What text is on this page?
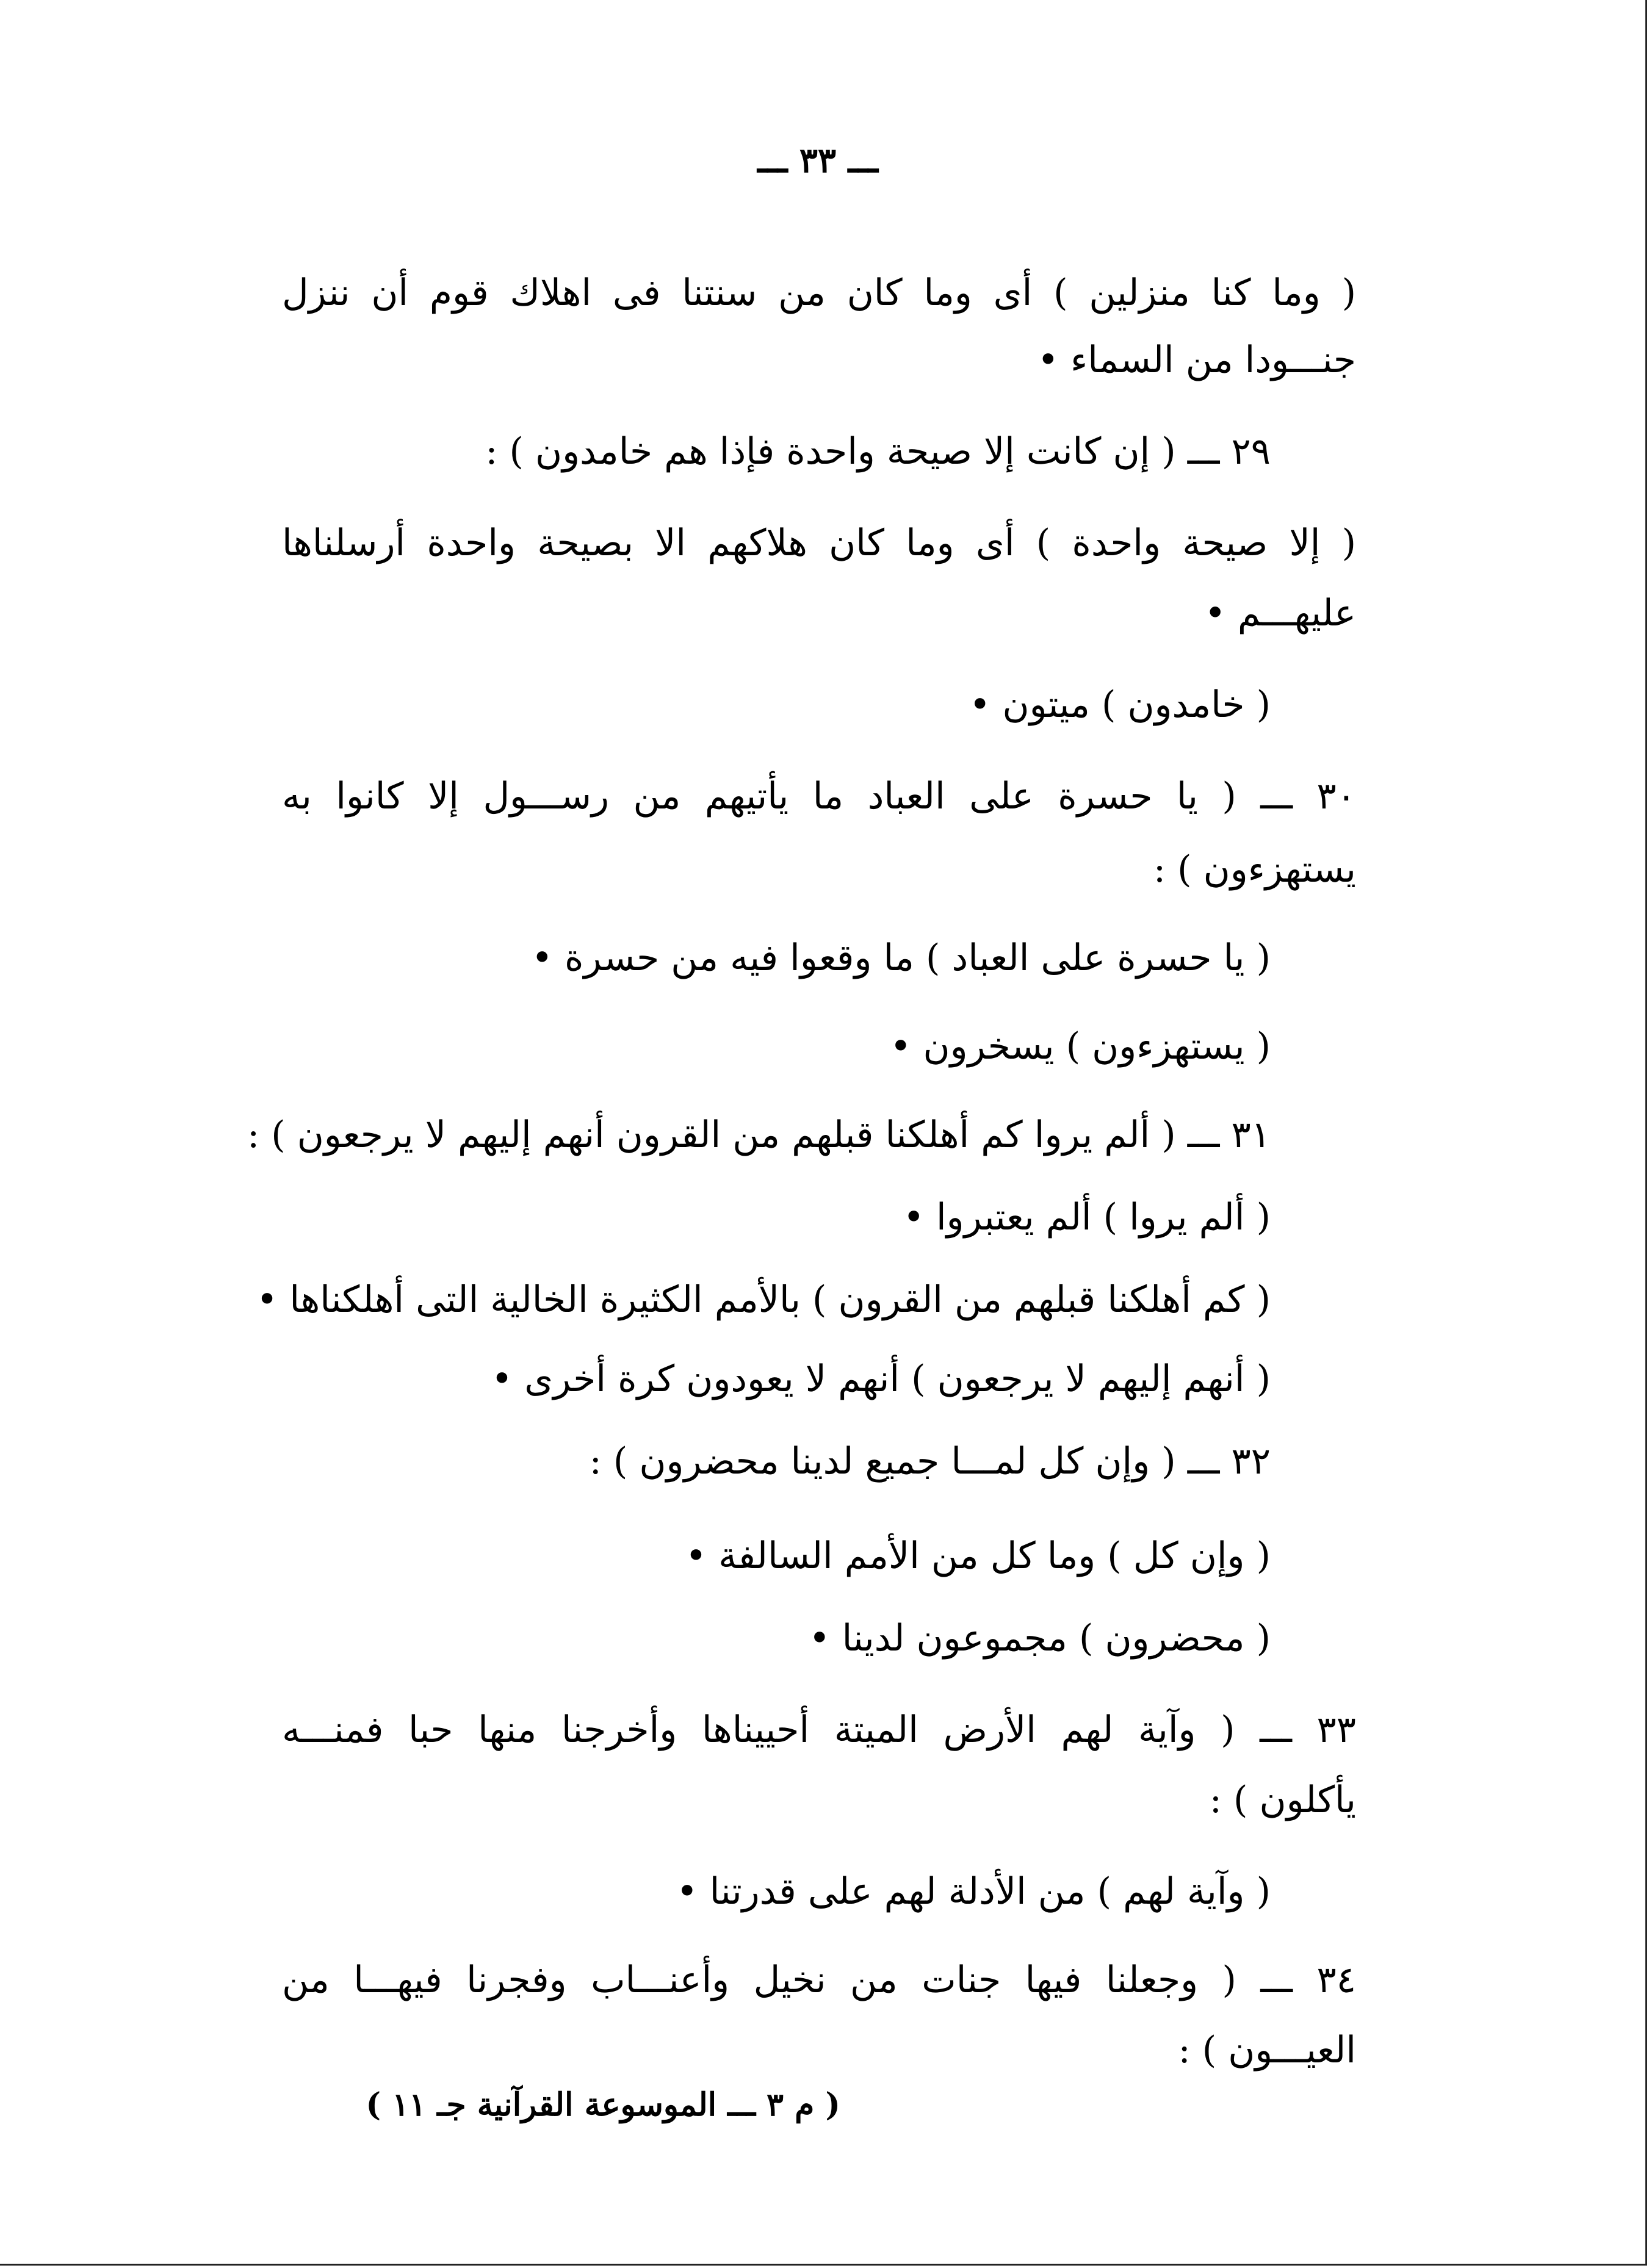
ـــ ٣٣ ـــ
( وما كنا منزلين ) أى وما كان من سنتنا فى اهلاك قوم أن ننزل
جنـــودا من السماء •
٢٩ ـــ ( إن كانت إلا صيحة واحدة فإذا هم خامدون ) :
( إلا صيحة واحدة ) أى وما كان هلاكهم الا بصيحة واحدة أرسلناها
عليهـــم •
( خامدون ) ميتون •
٣٠ ـــ ( يا حسرة على العباد ما يأتيهم من رســـول إلا كانوا به
يستهزءون ) :
( يا حسرة على العباد ) ما وقعوا فيه من حسرة •
( يستهزءون ) يسخرون •
٣١ ـــ ( ألم يروا كم أهلكنا قبلهم من القرون أنهم إليهم لا يرجعون ) :
( ألم يروا ) ألم يعتبروا •
( كم أهلكنا قبلهم من القرون ) بالأمم الكثيرة الخالية التى أهلكناها •
( أنهم إليهم لا يرجعون ) أنهم لا يعودون كرة أخرى •
٣٢ ـــ ( وإن كل لمـــا جميع لدينا محضرون ) :
( وإن كل ) وما كل من الأمم السالفة •
( محضرون ) مجموعون لدينا •
٣٣ ـــ ( وآية لهم الأرض الميتة أحييناها وأخرجنا منها حبا فمنـــه
يأكلون ) :
( وآية لهم ) من الأدلة لهم على قدرتنا •
٣٤ ـــ ( وجعلنا فيها جنات من نخيل وأعنـــاب وفجرنا فيهـــا من
العيـــون ) :
( م ٣ ـــ الموسوعة القرآنية جـ ١١ )
